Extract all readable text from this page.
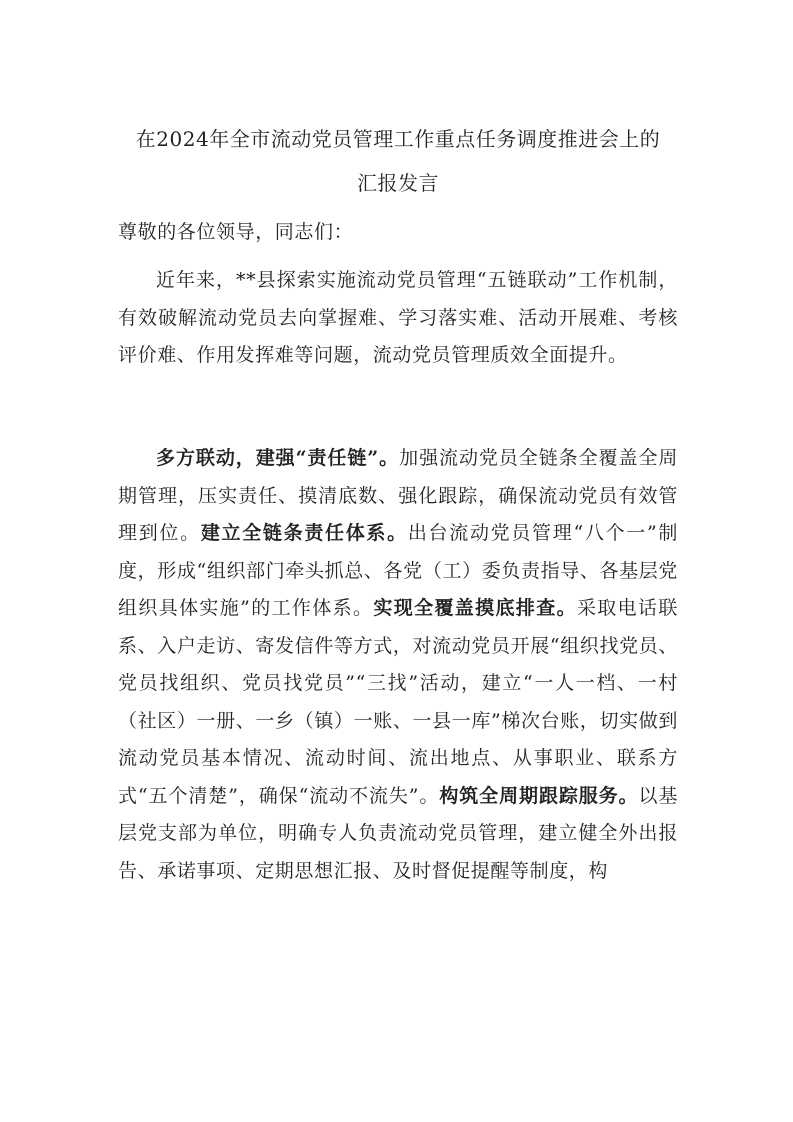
在2024年全市流动党员管理工作重点任务调度推进会上的
汇报发言
尊敬的各位领导，同志们：
近年来，**县探索实施流动党员管理“五链联动”工作机制，有效破解流动党员去向掌握难、学习落实难、活动开展难、考核评价难、作用发挥难等问题，流动党员管理质效全面提升。
多方联动，建强“责任链”。加强流动党员全链条全覆盖全周期管理，压实责任、摸清底数、强化跟踪，确保流动党员有效管理到位。建立全链条责任体系。出台流动党员管理“八个一”制度，形成“组织部门牵头抓总、各党（工）委负责指导、各基层党组织具体实施”的工作体系。实现全覆盖摸底排查。采取电话联系、入户走访、寄发信件等方式，对流动党员开展“组织找党员、党员找组织、党员找党员”“三找”活动，建立“一人一档、一村（社区）一册、一乡（镇）一账、一县一库”梯次台账，切实做到流动党员基本情况、流动时间、流出地点、从事职业、联系方式“五个清楚”，确保“流动不流失”。构筑全周期跟踪服务。以基层党支部为单位，明确专人负责流动党员管理，建立健全外出报告、承诺事项、定期思想汇报、及时督促提醒等制度，构
